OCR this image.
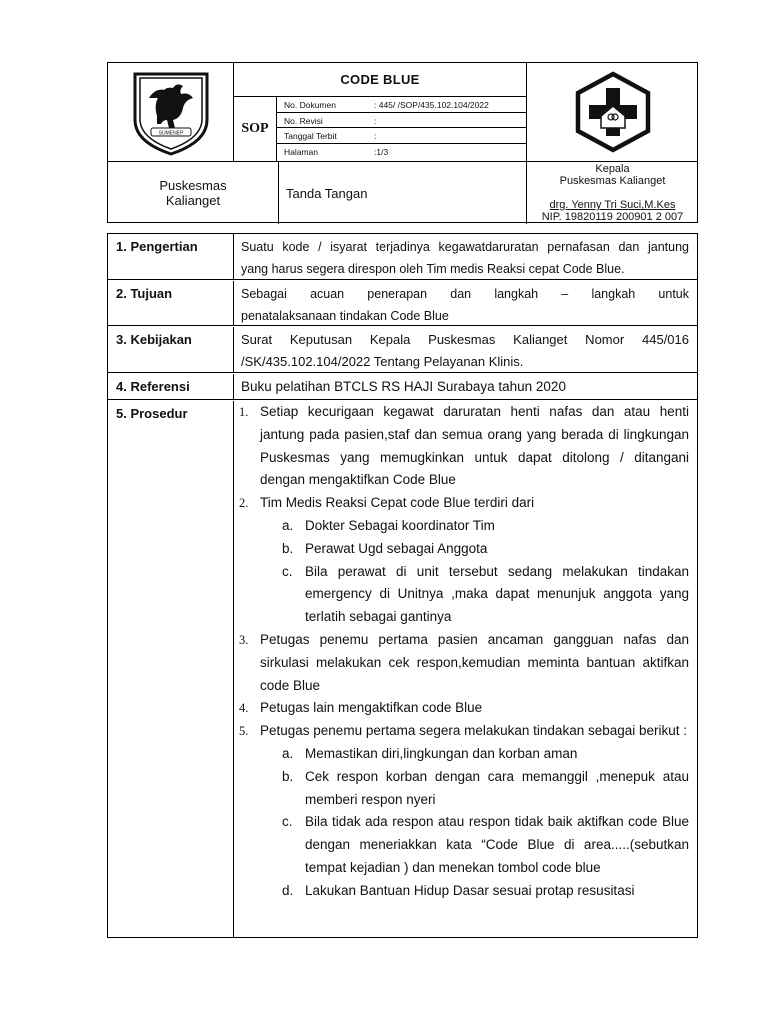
SUMENEP
CODE BLUE
SOP
No. Dokumen	: 445/ /SOP/435.102.104/2022
No. Revisi	:
Tanggal Terbit	:
Halaman	:1/3
Puskesmas
Kalianget	Tanda Tangan
Kepala
Puskesmas Kalianget
drg. Yenny Tri Suci,M.Kes
NIP. 19820119 200901 2 007
1. Pengertian	Suatu kode / isyarat terjadinya kegawatdaruratan pernafasan dan jantung
yang harus segera direspon oleh Tim medis Reaksi cepat Code Blue.
2. Tujuan	Sebagai acuan penerapan dan langkah – langkah untuk
penatalaksanaan tindakan Code Blue
3. Kebijakan	Surat Keputusan Kepala Puskesmas Kalianget Nomor 445/016
/SK/435.102.104/2022 Tentang Pelayanan Klinis.
4. Referensi	Buku pelatihan BTCLS RS HAJI Surabaya tahun 2020
5. Prosedur	1. Setiap kecurigaan kegawat daruratan henti nafas dan atau henti jantung pada pasien,staf dan semua orang yang berada di lingkungan Puskesmas yang memugkinkan untuk dapat ditolong / ditangani dengan mengaktifkan Code Blue
2. Tim Medis Reaksi Cepat code Blue terdiri dari
a. Dokter Sebagai koordinator Tim
b. Perawat Ugd sebagai Anggota
c. Bila perawat di unit tersebut sedang melakukan tindakan emergency di Unitnya ,maka dapat menunjuk anggota yang terlatih sebagai gantinya
3. Petugas penemu pertama pasien ancaman gangguan nafas dan sirkulasi melakukan cek respon,kemudian meminta bantuan aktifkan code Blue
4. Petugas lain mengaktifkan code Blue
5. Petugas penemu pertama segera melakukan tindakan sebagai berikut :
a. Memastikan diri,lingkungan dan korban aman
b. Cek respon korban dengan cara memanggil ,menepuk atau memberi respon nyeri
c. Bila tidak ada respon atau respon tidak baik aktifkan code Blue dengan meneriakkan kata “Code Blue di area.....(sebutkan tempat kejadian ) dan menekan tombol code blue
d. Lakukan Bantuan Hidup Dasar sesuai protap resusitasi
